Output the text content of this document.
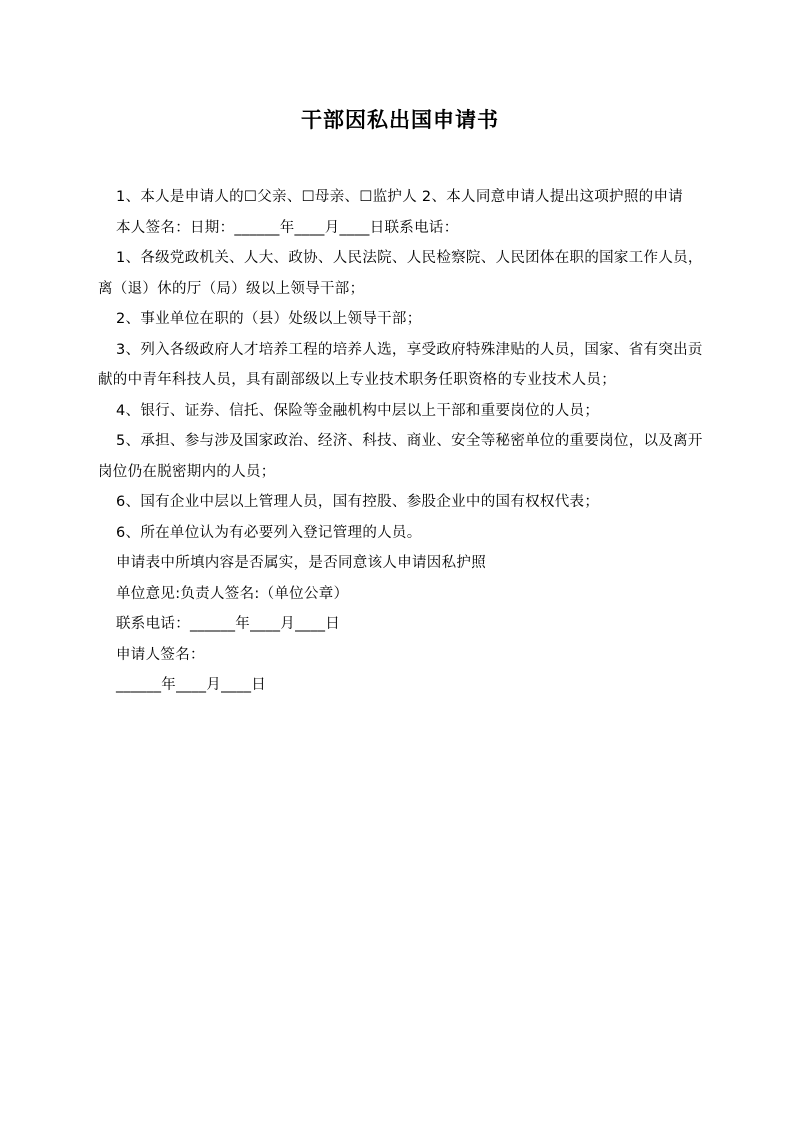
干部因私出国申请书

1、本人是申请人的☐父亲、☐母亲、☐监护人 2、本人同意申请人提出这项护照的申请

本人签名：日期：______年____月____日联系电话：

1、各级党政机关、人大、政协、人民法院、人民检察院、人民团体在职的国家工作人员，离（退）休的厅（局）级以上领导干部；

2、事业单位在职的（县）处级以上领导干部；

3、列入各级政府人才培养工程的培养人选，享受政府特殊津贴的人员，国家、省有突出贡献的中青年科技人员，具有副部级以上专业技术职务任职资格的专业技术人员；

4、银行、证券、信托、保险等金融机构中层以上干部和重要岗位的人员；

5、承担、参与涉及国家政治、经济、科技、商业、安全等秘密单位的重要岗位，以及离开岗位仍在脱密期内的人员；

6、国有企业中层以上管理人员，国有控股、参股企业中的国有权权代表；

6、所在单位认为有必要列入登记管理的人员。

申请表中所填内容是否属实，是否同意该人申请因私护照

单位意见:负责人签名:（单位公章）

联系电话：______年____月____日

申请人签名：

______年____月____日
